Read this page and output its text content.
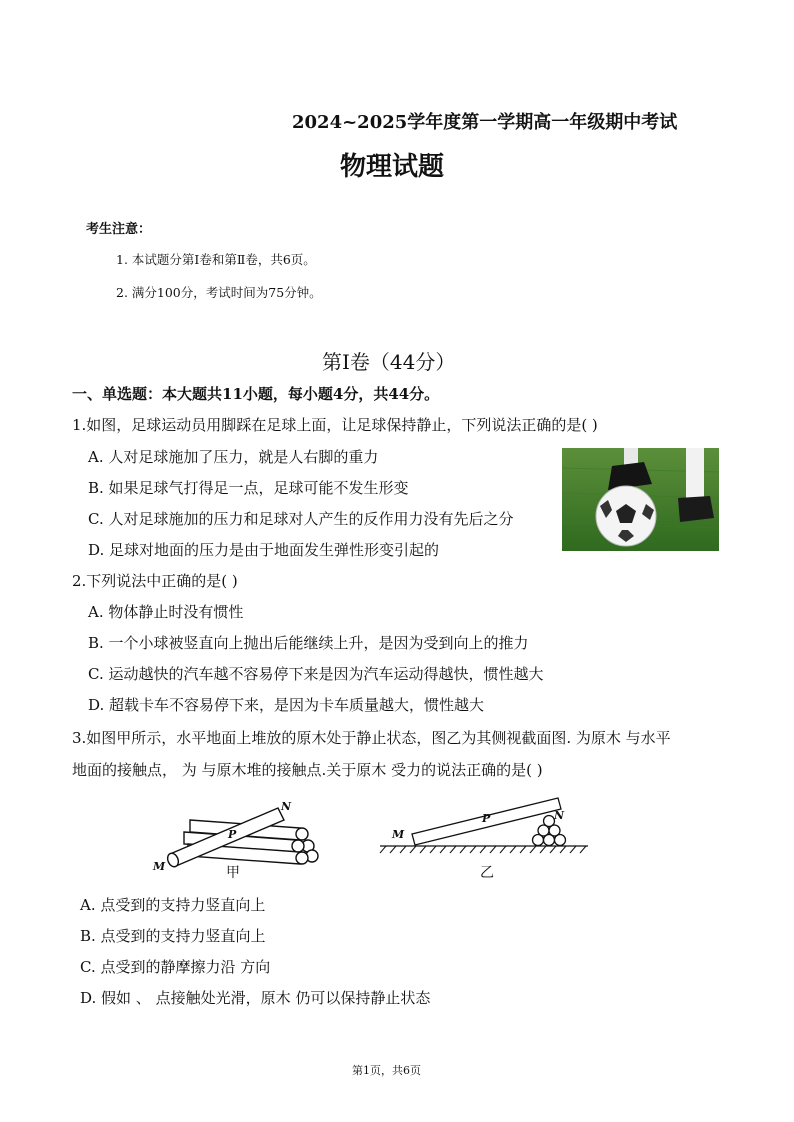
2024~2025学年度第一学期高一年级期中考试
物理试题
考生注意：
1. 本试题分第Ⅰ卷和第Ⅱ卷，共6页。
2. 满分100分，考试时间为75分钟。
第Ⅰ卷（44分）
一、单选题：本大题共11小题，每小题4分，共44分。
1.如图，足球运动员用脚踩在足球上面，让足球保持静止，下列说法正确的是( )
A. 人对足球施加了压力，就是人右脚的重力
B. 如果足球气打得足一点，足球可能不发生形变
C. 人对足球施加的压力和足球对人产生的反作用力没有先后之分
D. 足球对地面的压力是由于地面发生弹性形变引起的
2.下列说法中正确的是( )
A. 物体静止时没有惯性
B. 一个小球被竖直向上抛出后能继续上升，是因为受到向上的推力
C. 运动越快的汽车越不容易停下来是因为汽车运动得越快，惯性越大
D. 超载卡车不容易停下来，是因为卡车质量越大，惯性越大
3.如图甲所示，水平地面上堆放的原木处于静止状态，图乙为其侧视截面图. 为原木 与水平
地面的接触点， 为 与原木堆的接触点.关于原木 受力的说法正确的是( )
N
P
M	甲
M
P	N
乙
A. 点受到的支持力竖直向上
B. 点受到的支持力竖直向上
C. 点受到的静摩擦力沿 方向
D. 假如 、 点接触处光滑，原木 仍可以保持静止状态
第1页，共6页
